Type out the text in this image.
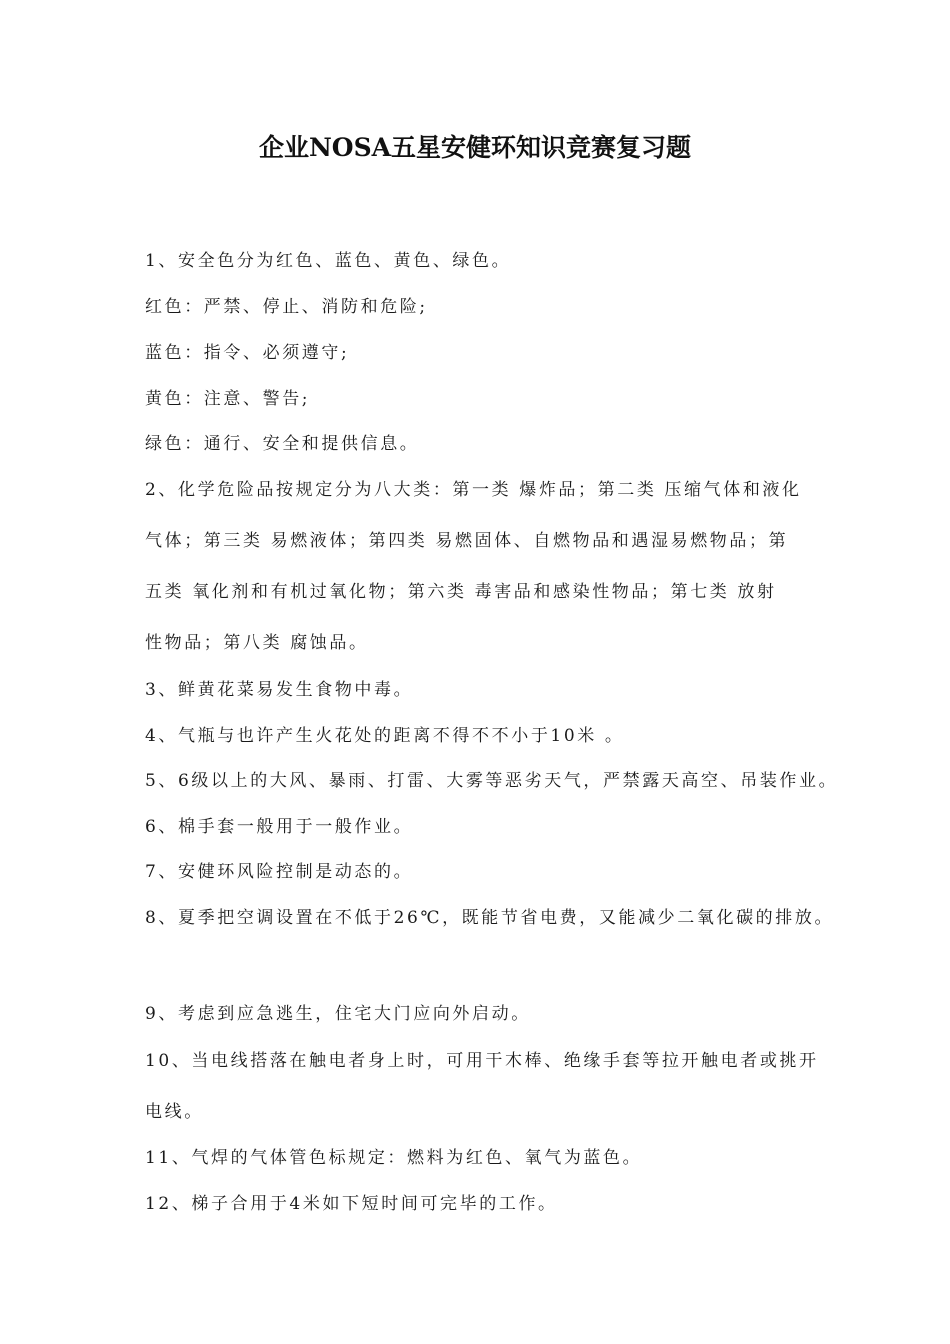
企业NOSA五星安健环知识竞赛复习题
1、安全色分为红色、蓝色、黄色、绿色。
红色：严禁、停止、消防和危险;
蓝色：指令、必须遵守;
黄色：注意、警告;
绿色：通行、安全和提供信息。
2、化学危险品按规定分为八大类：第一类 爆炸品；第二类 压缩气体和液化
气体；第三类 易燃液体；第四类 易燃固体、自燃物品和遇湿易燃物品；第
五类 氧化剂和有机过氧化物；第六类 毒害品和感染性物品；第七类 放射
性物品；第八类 腐蚀品。
3、鲜黄花菜易发生食物中毒。
4、气瓶与也许产生火花处的距离不得不不小于10米 。
5、6级以上的大风、暴雨、打雷、大雾等恶劣天气，严禁露天高空、吊装作业。
6、棉手套一般用于一般作业。
7、安健环风险控制是动态的。
8、夏季把空调设置在不低于26℃，既能节省电费，又能减少二氧化碳的排放。
9、考虑到应急逃生，住宅大门应向外启动。
10、当电线搭落在触电者身上时，可用干木棒、绝缘手套等拉开触电者或挑开
电线。
11、气焊的气体管色标规定：燃料为红色、氧气为蓝色。
12、梯子合用于4米如下短时间可完毕的工作。
